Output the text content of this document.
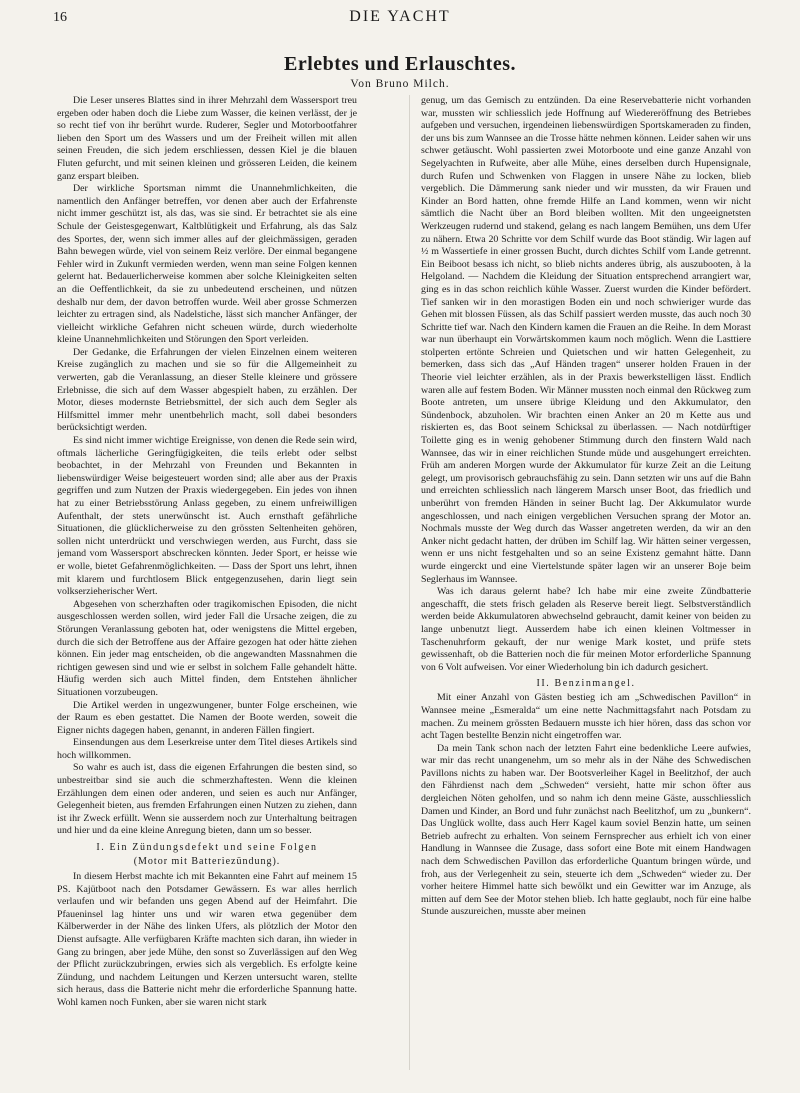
16	DIE YACHT
Erlebtes und Erlauschtes.
Von Bruno Milch.

Die Leser unseres Blattes sind in ihrer Mehrzahl dem Wassersport treu ergeben oder haben doch die Liebe zum Wasser, die keinen verlässt, der je so recht tief von ihr berührt wurde. Ruderer, Segler und Motorbootfahrer lieben den Sport um des Wassers und um der Freiheit willen mit allen seinen Freuden, die sich jedem erschliessen, dessen Kiel je die blauen Fluten gefurcht, und mit seinen kleinen und grösseren Leiden, die keinem ganz erspart bleiben.

Der wirkliche Sportsman nimmt die Unannehmlichkeiten, die namentlich den Anfänger betreffen, vor denen aber auch der Erfahrenste nicht immer geschützt ist, als das, was sie sind. Er betrachtet sie als eine Schule der Geistesgegenwart, Kaltblütigkeit und Erfahrung, als das Salz des Sportes, der, wenn sich immer alles auf der gleichmässigen, geraden Bahn bewegen würde, viel von seinem Reiz verlöre. Der einmal begangene Fehler wird in Zukunft vermieden werden, wenn man seine Folgen kennen gelernt hat. Bedauerlicherweise kommen aber solche Kleinigkeiten selten an die Oeffentlichkeit, da sie zu unbedeutend erscheinen, und nützen deshalb nur dem, der davon betroffen wurde. Weil aber grosse Schmerzen leichter zu ertragen sind, als Nadelstiche, lässt sich mancher Anfänger, der vielleicht wirkliche Gefahren nicht scheuen würde, durch wiederholte kleine Unannehmlichkeiten und Störungen den Sport verleiden.

Der Gedanke, die Erfahrungen der vielen Einzelnen einem weiteren Kreise zugänglich zu machen und sie so für die Allgemeinheit zu verwerten, gab die Veranlassung, an dieser Stelle kleinere und grössere Erlebnisse, die sich auf dem Wasser abgespielt haben, zu erzählen. Der Motor, dieses modernste Betriebsmittel, der sich auch dem Segler als Hilfsmittel immer mehr unentbehrlich macht, soll dabei besonders berücksichtigt werden.

Es sind nicht immer wichtige Ereignisse, von denen die Rede sein wird, oftmals lächerliche Geringfügigkeiten, die teils erlebt oder selbst beobachtet, in der Mehrzahl von Freunden und Bekannten in liebenswürdiger Weise beigesteuert worden sind; alle aber aus der Praxis gegriffen und zum Nutzen der Praxis wiedergegeben. Ein jedes von ihnen hat zu einer Betriebsstörung Anlass gegeben, zu einem unfreiwilligen Aufenthalt, der stets unerwünscht ist. Auch ernsthaft gefährliche Situationen, die glücklicherweise zu den grössten Seltenheiten gehören, sollen nicht unterdrückt und verschwiegen werden, aus Furcht, dass sie jemand vom Wassersport abschrecken könnten. Jeder Sport, er heisse wie er wolle, bietet Gefahrenmöglichkeiten. — Dass der Sport uns lehrt, ihnen mit klarem und furchtlosem Blick entgegenzusehen, darin liegt sein volkserzieherischer Wert.

Abgesehen von scherzhaften oder tragikomischen Episoden, die nicht ausgeschlossen werden sollen, wird jeder Fall die Ursache zeigen, die zu Störungen Veranlassung geboten hat, oder wenigstens die Mittel ergeben, durch die sich der Betroffene aus der Affaire gezogen hat oder hätte ziehen können. Ein jeder mag entscheiden, ob die angewandten Massnahmen die richtigen gewesen sind und wie er selbst in solchem Falle gehandelt hätte. Häufig werden sich auch Mittel finden, dem Entstehen ähnlicher Situationen vorzubeugen.

Die Artikel werden in ungezwungener, bunter Folge erscheinen, wie der Raum es eben gestattet. Die Namen der Boote werden, soweit die Eigner nichts dagegen haben, genannt, in anderen Fällen fingiert.

Einsendungen aus dem Leserkreise unter dem Titel dieses Artikels sind hoch willkommen.

So wahr es auch ist, dass die eigenen Erfahrungen die besten sind, so unbestreitbar sind sie auch die schmerzhaftesten. Wenn die kleinen Erzählungen dem einen oder anderen, und seien es auch nur Anfänger, Gelegenheit bieten, aus fremden Erfahrungen einen Nutzen zu ziehen, dann ist ihr Zweck erfüllt. Wenn sie ausserdem noch zur Unterhaltung beitragen und hier und da eine kleine Anregung bieten, dann um so besser.

I. Ein Zündungsdefekt und seine Folgen
(Motor mit Batteriezündung).

In diesem Herbst machte ich mit Bekannten eine Fahrt auf meinem 15 PS. Kajütboot nach den Potsdamer Gewässern. Es war alles herrlich verlaufen und wir befanden uns gegen Abend auf der Heimfahrt. Die Pfaueninsel lag hinter uns und wir waren etwa gegenüber dem Kälberwerder in der Nähe des linken Ufers, als plötzlich der Motor den Dienst aufsagte. Alle verfügbaren Kräfte machten sich daran, ihn wieder in Gang zu bringen, aber jede Mühe, den sonst so Zuverlässigen auf den Weg der Pflicht zurückzubringen, erwies sich als vergeblich. Es erfolgte keine Zündung, und nachdem Leitungen und Kerzen untersucht waren, stellte sich heraus, dass die Batterie nicht mehr die erforderliche Spannung hatte. Wohl kamen noch Funken, aber sie waren nicht stark

genug, um das Gemisch zu entzünden. Da eine Reservebatterie nicht vorhanden war, mussten wir schliesslich jede Hoffnung auf Wiedereröffnung des Betriebes aufgeben und versuchen, irgendeinen liebenswürdigen Sportskameraden zu finden, der uns bis zum Wannsee an die Trosse hätte nehmen können. Leider sahen wir uns schwer getäuscht. Wohl passierten zwei Motorboote und eine ganze Anzahl von Segelyachten in Rufweite, aber alle Mühe, eines derselben durch Hupensignale, durch Rufen und Schwenken von Flaggen in unsere Nähe zu locken, blieb vergeblich. Die Dämmerung sank nieder und wir mussten, da wir Frauen und Kinder an Bord hatten, ohne fremde Hilfe an Land kommen, wenn wir nicht sämtlich die Nacht über an Bord bleiben wollten. Mit den ungeeignetsten Werkzeugen rudernd und stakend, gelang es nach langem Bemühen, uns dem Ufer zu nähern. Etwa 20 Schritte vor dem Schilf wurde das Boot ständig. Wir lagen auf ½ m Wassertiefe in einer grossen Bucht, durch dichtes Schilf vom Lande getrennt. Ein Beiboot besass ich nicht, so blieb nichts anderes übrig, als auszubooten, à la Helgoland. — Nachdem die Kleidung der Situation entsprechend arrangiert war, ging es in das schon reichlich kühle Wasser. Zuerst wurden die Kinder befördert. Tief sanken wir in den morastigen Boden ein und noch schwieriger wurde das Gehen mit blossen Füssen, als das Schilf passiert werden musste, das auch noch 30 Schritte tief war. Nach den Kindern kamen die Frauen an die Reihe. In dem Morast war nun überhaupt ein Vorwärtskommen kaum noch möglich. Wenn die Lasttiere stolperten ertönte Schreien und Quietschen und wir hatten Gelegenheit, zu bemerken, dass sich das „Auf Händen tragen“ unserer holden Frauen in der Theorie viel leichter erzählen, als in der Praxis bewerkstelligen lässt. Endlich waren alle auf festem Boden. Wir Männer mussten noch einmal den Rückweg zum Boote antreten, um unsere übrige Kleidung und den Akkumulator, den Sündenbock, abzuholen. Wir brachten einen Anker an 20 m Kette aus und riskierten es, das Boot seinem Schicksal zu überlassen. — Nach notdürftiger Toilette ging es in wenig gehobener Stimmung durch den finstern Wald nach Wannsee, das wir in einer reichlichen Stunde müde und ausgehungert erreichten. Früh am anderen Morgen wurde der Akkumulator für kurze Zeit an die Leitung gelegt, um provisorisch gebrauchsfähig zu sein. Dann setzten wir uns auf die Bahn und erreichten schliesslich nach längerem Marsch unser Boot, das friedlich und unberührt von fremden Händen in seiner Bucht lag. Der Akkumulator wurde angeschlossen, und nach einigen vergeblichen Versuchen sprang der Motor an. Nochmals musste der Weg durch das Wasser angetreten werden, da wir an den Anker nicht gedacht hatten, der drüben im Schilf lag. Wir hätten seiner vergessen, wenn er uns nicht festgehalten und so an seine Existenz gemahnt hätte. Dann wurde eingerckt und eine Viertelstunde später lagen wir an unserer Boje beim Seglerhaus im Wannsee.

Was ich daraus gelernt habe? Ich habe mir eine zweite Zündbatterie angeschafft, die stets frisch geladen als Reserve bereit liegt. Selbstverständlich werden beide Akkumulatoren abwechselnd gebraucht, damit keiner von beiden zu lange unbenutzt liegt. Ausserdem habe ich einen kleinen Voltmesser in Taschenuhrform gekauft, der nur wenige Mark kostet, und prüfe stets gewissenhaft, ob die Batterien noch die für meinen Motor erforderliche Spannung von 6 Volt aufweisen. Vor einer Wiederholung bin ich dadurch gesichert.

II. Benzinmangel.

Mit einer Anzahl von Gästen bestieg ich am „Schwedischen Pavillon“ in Wannsee meine „Esmeralda“ um eine nette Nachmittagsfahrt nach Potsdam zu machen. Zu meinem grössten Bedauern musste ich hier hören, dass das schon vor acht Tagen bestellte Benzin nicht eingetroffen war.

Da mein Tank schon nach der letzten Fahrt eine bedenkliche Leere aufwies, war mir das recht unangenehm, um so mehr als in der Nähe des Schwedischen Pavillons nichts zu haben war. Der Bootsverleiher Kagel in Beelitzhof, der auch den Fährdienst nach dem „Schweden“ versieht, hatte mir schon öfter aus dergleichen Nöten geholfen, und so nahm ich denn meine Gäste, ausschliesslich Damen und Kinder, an Bord und fuhr zunächst nach Beelitzhof, um zu „bunkern“. Das Unglück wollte, dass auch Herr Kagel kaum soviel Benzin hatte, um seinen Betrieb aufrecht zu erhalten. Von seinem Fernsprecher aus erhielt ich von einer Handlung in Wannsee die Zusage, dass sofort eine Bote mit einem Handwagen nach dem Schwedischen Pavillon das erforderliche Quantum bringen würde, und froh, aus der Verlegenheit zu sein, steuerte ich dem „Schweden“ wieder zu. Der vorher heitere Himmel hatte sich bewölkt und ein Gewitter war im Anzuge, als mitten auf dem See der Motor stehen blieb. Ich hatte geglaubt, noch für eine halbe Stunde auszureichen, musste aber meinen
